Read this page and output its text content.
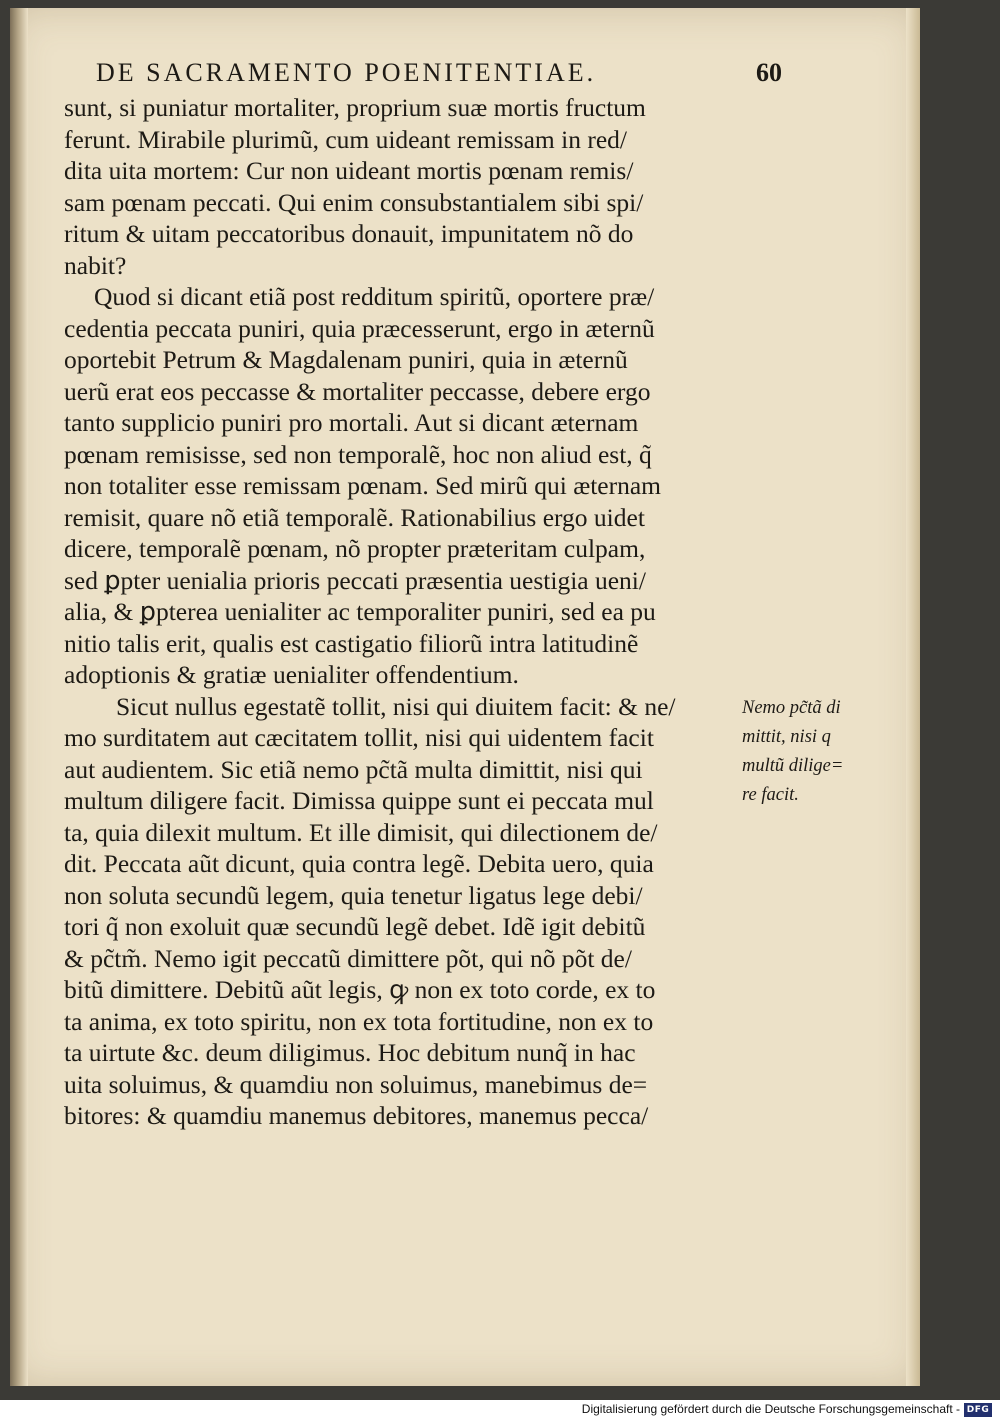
DE SACRAMENTO POENITENTIAE.	60
sunt, si puniatur mortaliter, proprium suæ mortis fructum
ferunt. Mirabile plurimũ, cum uideant remissam in red/
dita uita mortem: Cur non uideant mortis pœnam remis/
sam pœnam peccati. Qui enim consubstantialem sibi spi/
ritum & uitam peccatoribus donauit, impunitatem nõ do
nabit?
Quod si dicant etiã post redditum spiritũ, oportere præ/
cedentia peccata puniri, quia præcesserunt, ergo in æternũ
oportebit Petrum & Magdalenam puniri, quia in æternũ
uerũ erat eos peccasse & mortaliter peccasse, debere ergo
tanto supplicio puniri pro mortali. Aut si dicant æternam
pœnam remisisse, sed non temporalẽ, hoc non aliud est, q̃
non totaliter esse remissam pœnam. Sed mirũ qui æternam
remisit, quare nõ etiã temporalẽ. Rationabilius ergo uidet
dicere, temporalẽ pœnam, nõ propter præteritam culpam,
sed ꝑpter uenialia prioris peccati præsentia uestigia ueni/
alia, & ꝑpterea uenialiter ac temporaliter puniri, sed ea pu
nitio talis erit, qualis est castigatio filiorũ intra latitudinẽ
adoptionis & gratiæ uenialiter offendentium.
Sicut nullus egestatẽ tollit, nisi qui diuitem facit: & ne/
mo surditatem aut cæcitatem tollit, nisi qui uidentem facit
aut audientem. Sic etiã nemo pc̃tã multa dimittit, nisi qui
multum diligere facit. Dimissa quippe sunt ei peccata mul
ta, quia dilexit multum. Et ille dimisit, qui dilectionem de/
dit. Peccata aũt dicunt, quia contra legẽ. Debita uero, quia
non soluta secundũ legem, quia tenetur ligatus lege debi/
tori q̃ non exoluit quæ secundũ legẽ debet. Idẽ igit debitũ
& pc̃tm̃. Nemo igit peccatũ dimittere põt, qui nõ põt de/
bitũ dimittere. Debitũ aũt legis, ꝙ non ex toto corde, ex to
ta anima, ex toto spiritu, non ex tota fortitudine, non ex to
ta uirtute &c. deum diligimus. Hoc debitum nunq̃ in hac
uita soluimus, & quamdiu non soluimus, manebimus de=
bitores: & quamdiu manemus debitores, manemus pecca/
Nemo pc̃tã di
mittit, nisi q
multũ dilige=
re facit.
Digitalisierung gefördert durch die Deutsche Forschungsgemeinschaft - DFG
